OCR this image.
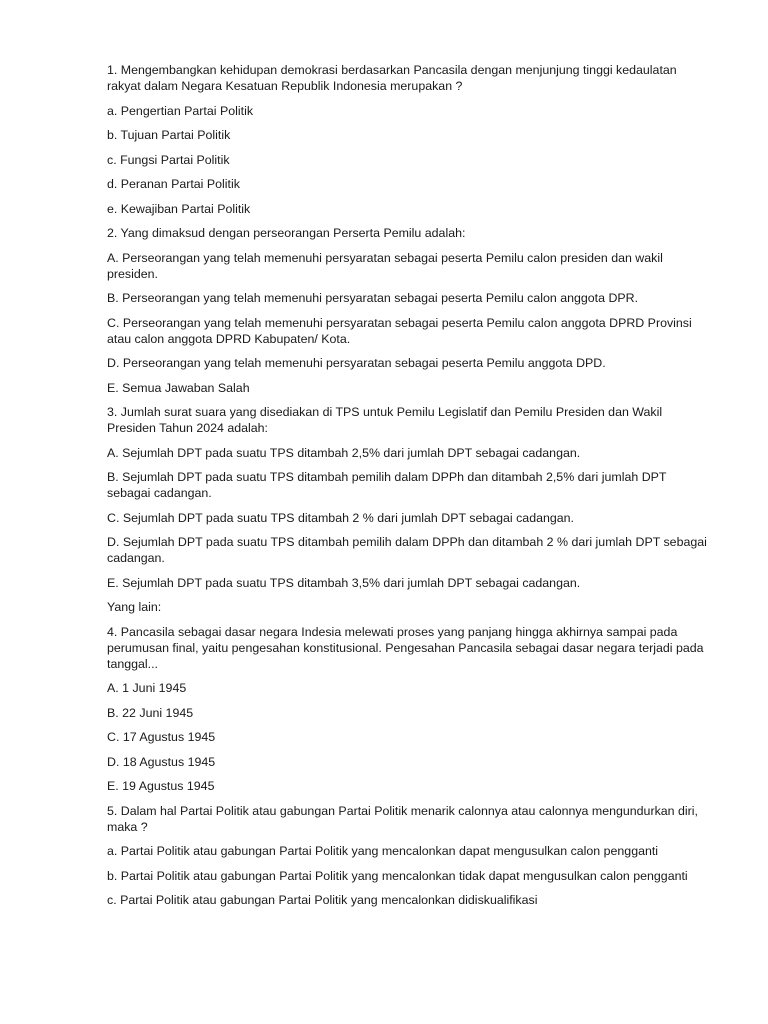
1. Mengembangkan kehidupan demokrasi berdasarkan Pancasila dengan menjunjung tinggi kedaulatan rakyat dalam Negara Kesatuan Republik Indonesia merupakan ?

a. Pengertian Partai Politik

b. Tujuan Partai Politik

c. Fungsi Partai Politik

d. Peranan Partai Politik

e. Kewajiban Partai Politik

2. Yang dimaksud dengan perseorangan Perserta Pemilu adalah:

A. Perseorangan yang telah memenuhi persyaratan sebagai peserta Pemilu calon presiden dan wakil presiden.

B. Perseorangan yang telah memenuhi persyaratan sebagai peserta Pemilu calon anggota DPR.

C. Perseorangan yang telah memenuhi persyaratan sebagai peserta Pemilu calon anggota DPRD Provinsi atau calon anggota DPRD Kabupaten/ Kota.

D. Perseorangan yang telah memenuhi persyaratan sebagai peserta Pemilu anggota DPD.

E. Semua Jawaban Salah

3. Jumlah surat suara yang disediakan di TPS untuk Pemilu Legislatif dan Pemilu Presiden dan Wakil Presiden Tahun 2024 adalah:

A. Sejumlah DPT pada suatu TPS ditambah 2,5% dari jumlah DPT sebagai cadangan.

B. Sejumlah DPT pada suatu TPS ditambah pemilih dalam DPPh dan ditambah 2,5% dari jumlah DPT sebagai cadangan.

C. Sejumlah DPT pada suatu TPS ditambah 2 % dari jumlah DPT sebagai cadangan.

D. Sejumlah DPT pada suatu TPS ditambah pemilih dalam DPPh dan ditambah 2 % dari jumlah DPT sebagai cadangan.

E. Sejumlah DPT pada suatu TPS ditambah 3,5% dari jumlah DPT sebagai cadangan.

Yang lain:

4. Pancasila sebagai dasar negara Indesia melewati proses yang panjang hingga akhirnya sampai pada perumusan final, yaitu pengesahan konstitusional. Pengesahan Pancasila sebagai dasar negara terjadi pada tanggal...

A. 1 Juni 1945

B. 22 Juni 1945

C. 17 Agustus 1945

D. 18 Agustus 1945

E. 19 Agustus 1945

5. Dalam hal Partai Politik atau gabungan Partai Politik menarik calonnya atau calonnya mengundurkan diri, maka ?

a. Partai Politik atau gabungan Partai Politik yang mencalonkan dapat mengusulkan calon pengganti

b. Partai Politik atau gabungan Partai Politik yang mencalonkan tidak dapat mengusulkan calon pengganti

c. Partai Politik atau gabungan Partai Politik yang mencalonkan didiskualifikasi
